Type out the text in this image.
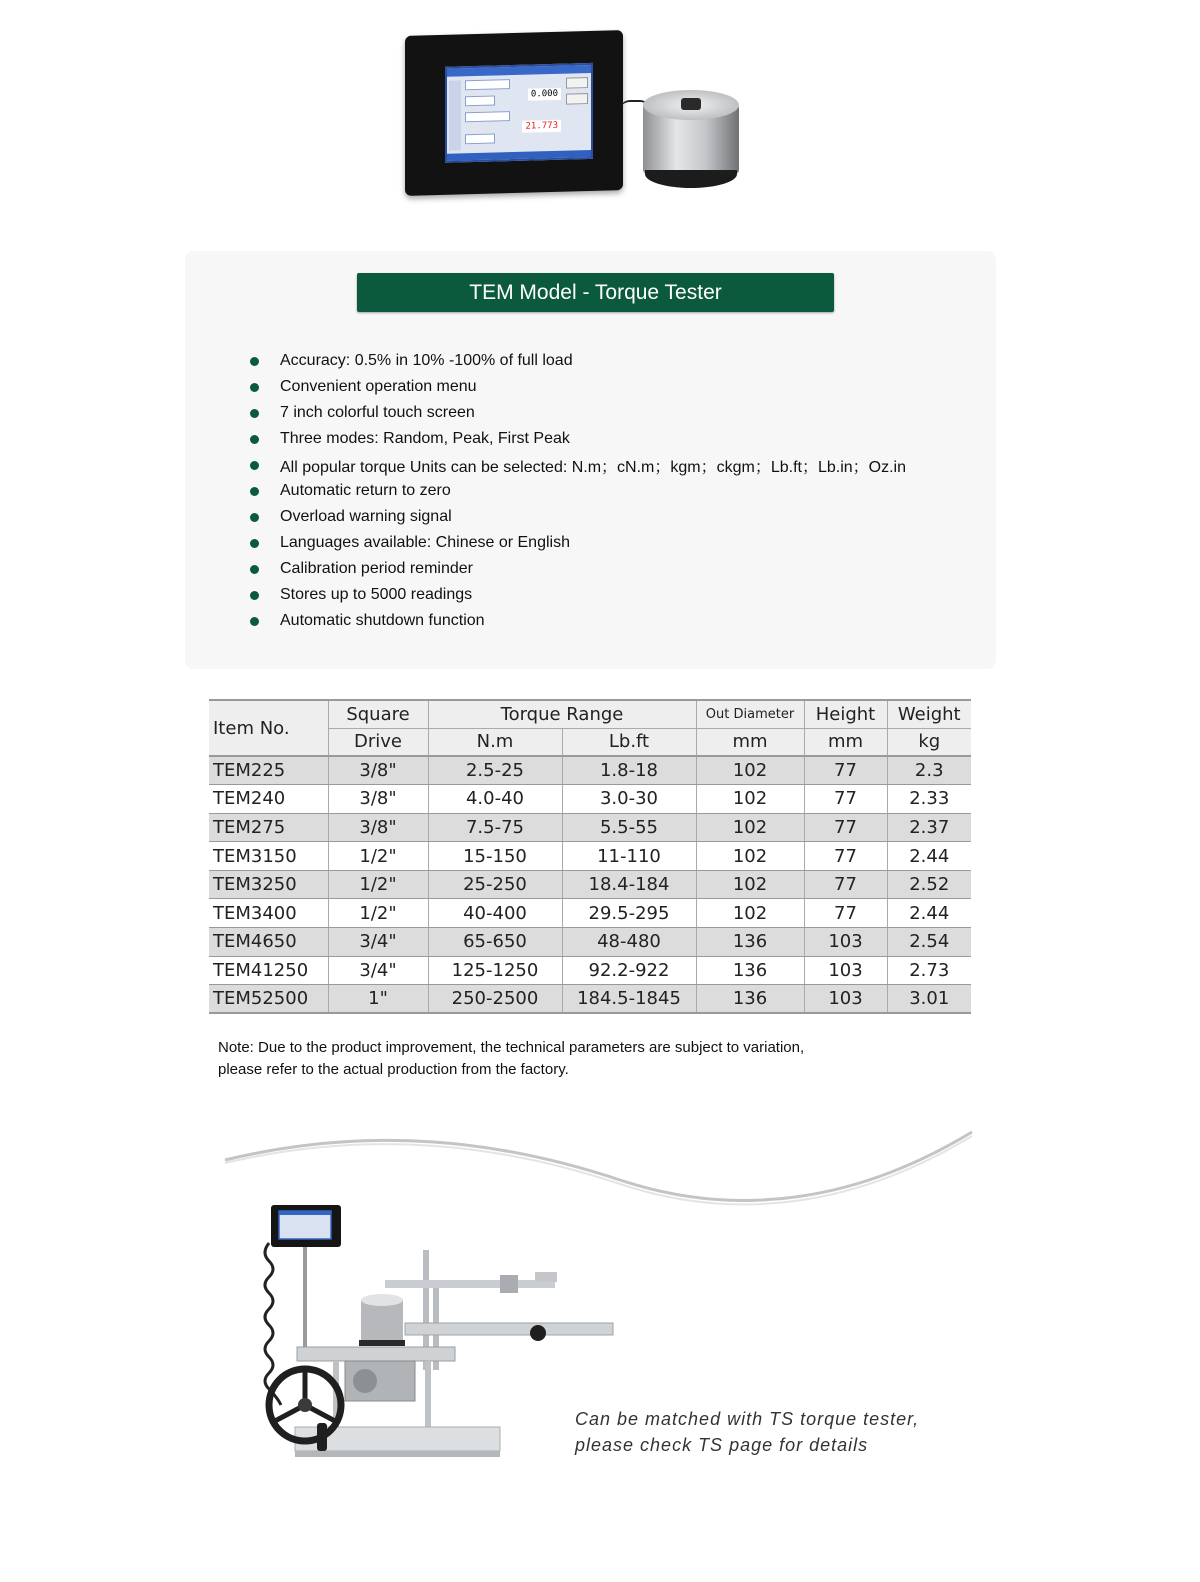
0.000
21.773
TEM Model - Torque Tester
Accuracy: 0.5% in 10% -100% of full load
Convenient operation menu
7 inch colorful touch screen
Three modes: Random, Peak, First Peak
All popular torque Units can be selected: N.m；cN.m；kgm；ckgm；Lb.ft；Lb.in；Oz.in
Automatic return to zero
Overload warning signal
Languages available: Chinese or English
Calibration period reminder
Stores up to 5000 readings
Automatic shutdown function
Item No.	Square	Torque Range		Out Diameter	Height	Weight
	Drive	N.m	Lb.ft	mm	mm	kg
TEM225	3/8"	2.5-25	1.8-18	102	77	2.3
TEM240	3/8"	4.0-40	3.0-30	102	77	2.33
TEM275	3/8"	7.5-75	5.5-55	102	77	2.37
TEM3150	1/2"	15-150	11-110	102	77	2.44
TEM3250	1/2"	25-250	18.4-184	102	77	2.52
TEM3400	1/2"	40-400	29.5-295	102	77	2.44
TEM4650	3/4"	65-650	48-480	136	103	2.54
TEM41250	3/4"	125-1250	92.2-922	136	103	2.73
TEM52500	1"	250-2500	184.5-1845	136	103	3.01
Note: Due to the product improvement, the technical parameters are subject to variation,
please refer to the actual production from the factory.
Can be matched with TS torque tester,
please check TS page for details
